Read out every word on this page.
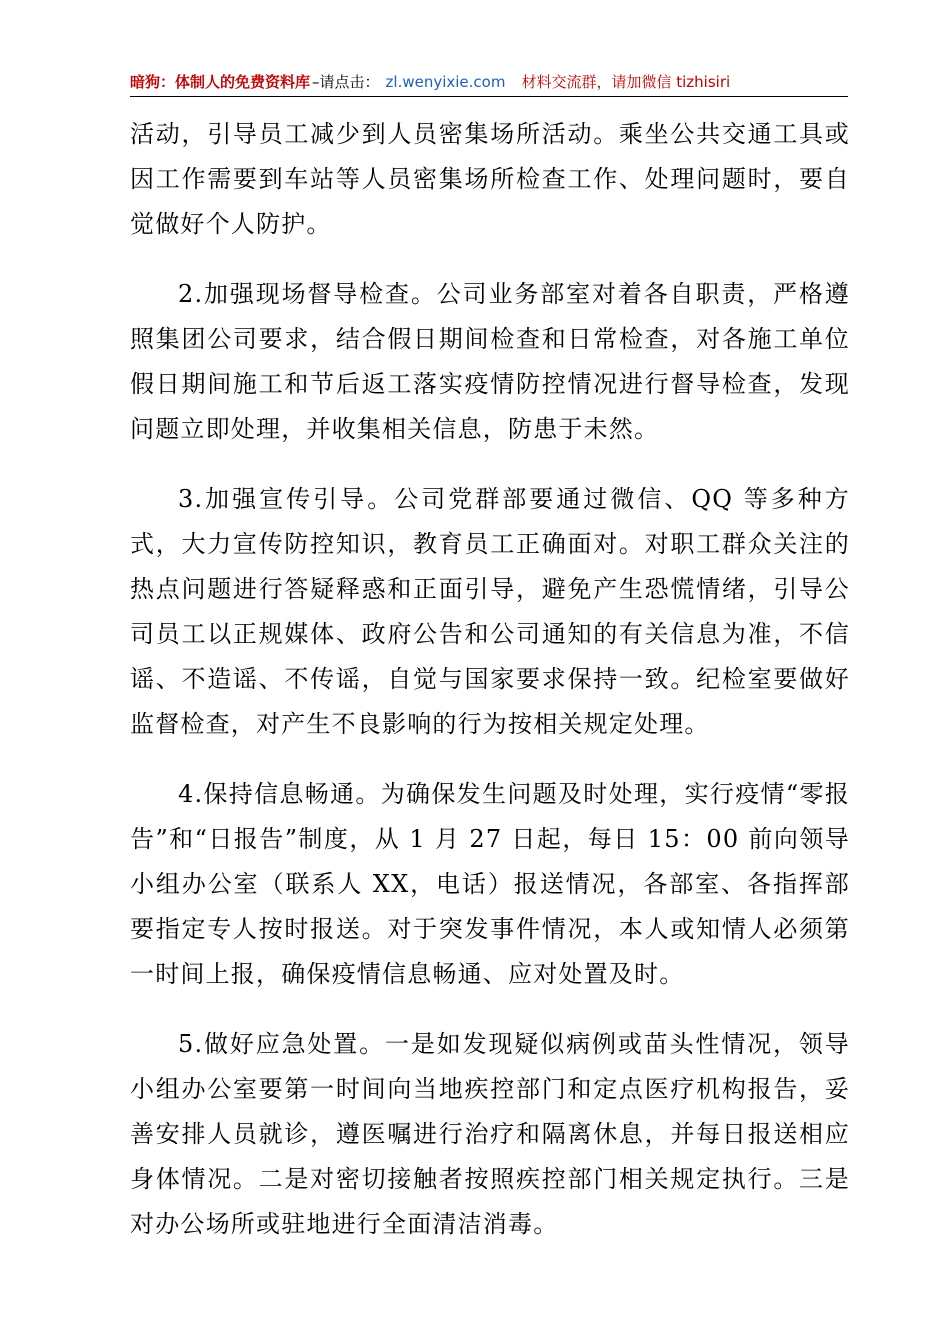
暗狗：体制人的免费资料库 –请点击： zl.wenyixie.com 材料交流群，请加微信 tizhisiri

活动，引导员工减少到人员密集场所活动。乘坐公共交通工具或因工作需要到车站等人员密集场所检查工作、处理问题时，要自觉做好个人防护。

2.加强现场督导检查。公司业务部室对着各自职责，严格遵照集团公司要求，结合假日期间检查和日常检查，对各施工单位假日期间施工和节后返工落实疫情防控情况进行督导检查，发现问题立即处理，并收集相关信息，防患于未然。

3.加强宣传引导。公司党群部要通过微信、QQ 等多种方式，大力宣传防控知识，教育员工正确面对。对职工群众关注的热点问题进行答疑释惑和正面引导，避免产生恐慌情绪，引导公司员工以正规媒体、政府公告和公司通知的有关信息为准，不信谣、不造谣、不传谣，自觉与国家要求保持一致。纪检室要做好监督检查，对产生不良影响的行为按相关规定处理。

4.保持信息畅通。为确保发生问题及时处理，实行疫情“零报告”和“日报告”制度，从 1 月 27 日起，每日 15：00 前向领导小组办公室（联系人 XX，电话）报送情况，各部室、各指挥部要指定专人按时报送。对于突发事件情况，本人或知情人必须第一时间上报，确保疫情信息畅通、应对处置及时。

5.做好应急处置。一是如发现疑似病例或苗头性情况，领导小组办公室要第一时间向当地疾控部门和定点医疗机构报告，妥善安排人员就诊，遵医嘱进行治疗和隔离休息，并每日报送相应身体情况。二是对密切接触者按照疾控部门相关规定执行。三是对办公场所或驻地进行全面清洁消毒。
